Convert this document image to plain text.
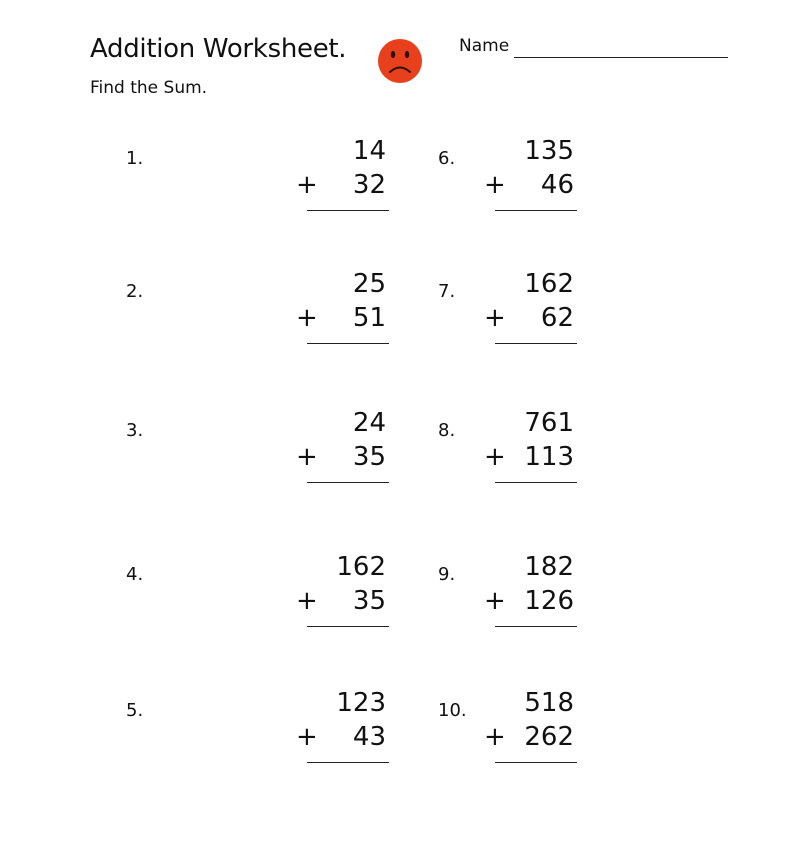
Addition Worksheet.
Find the Sum.
Name
1.	14

+

32

2.	25

+

51

3.	24

+

35

4.	162

+

35

5.	123

+

43

6.	135

+

46

7.	162

+

62

8.	761

+

113

9.	182

+

126

10.	518

+

262
